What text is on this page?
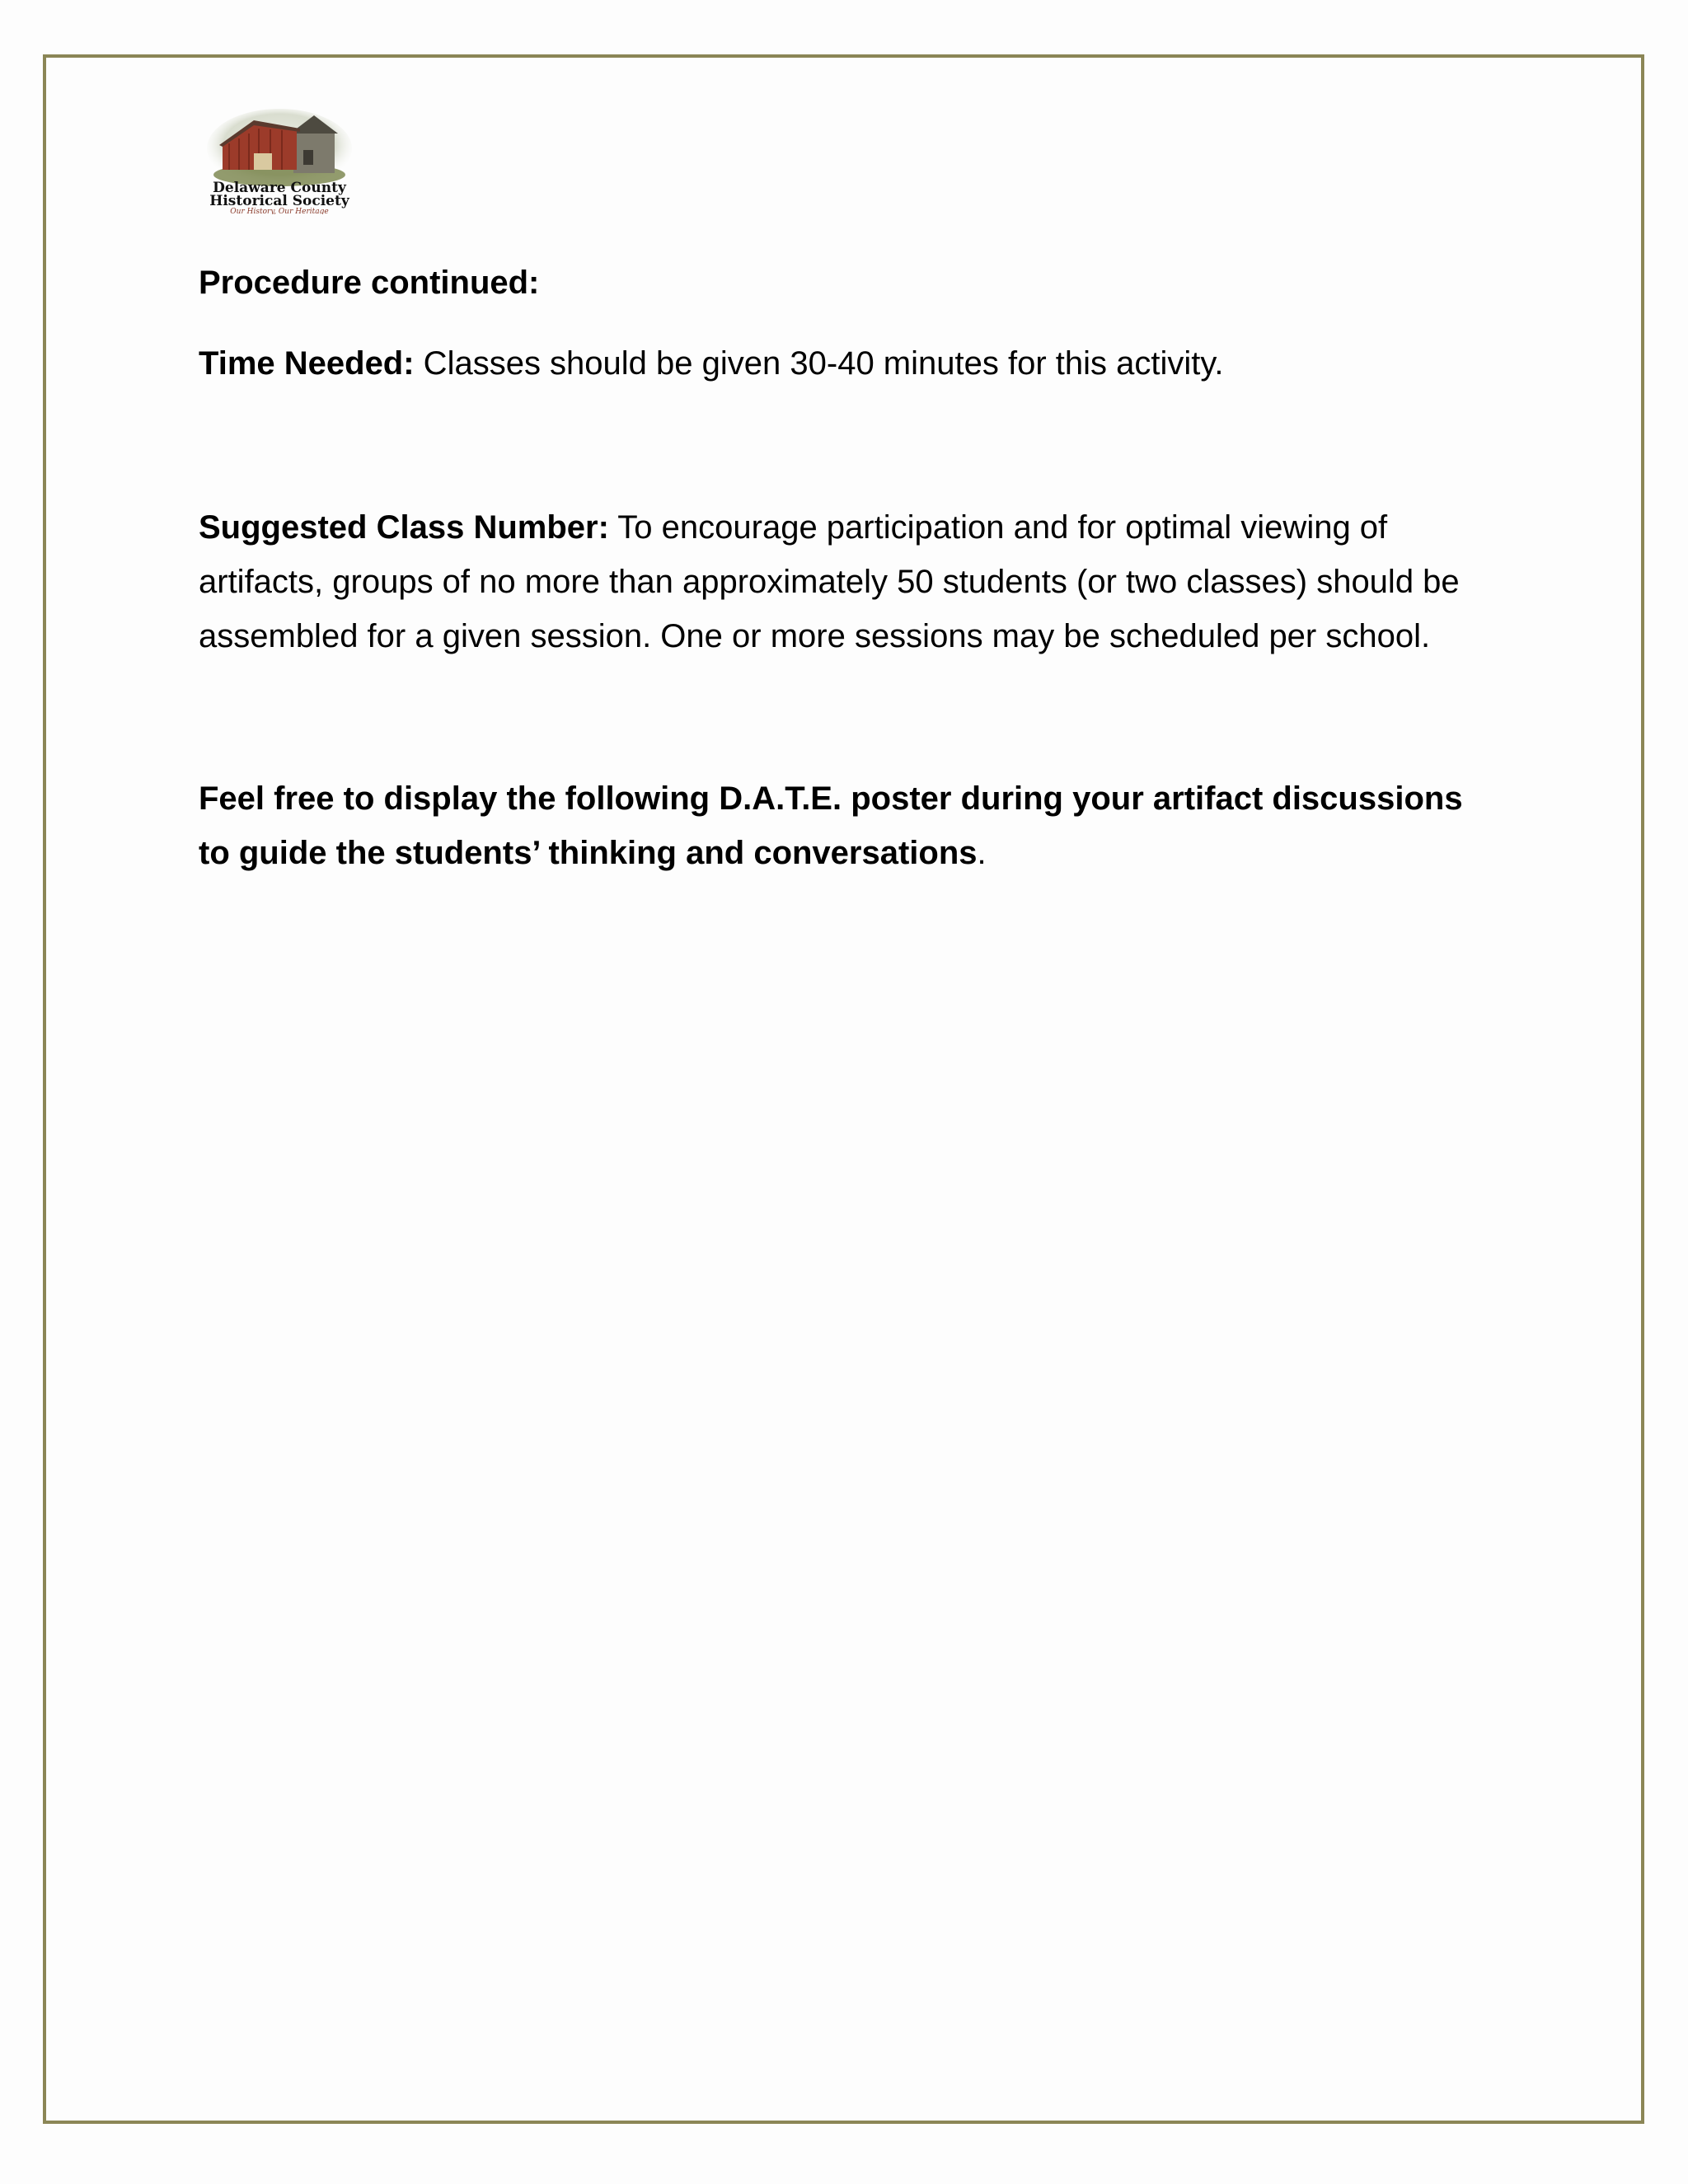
Delaware County
Historical Society
Our History, Our Heritage

Procedure continued:

Time Needed: Classes should be given 30-40 minutes for this activity.

Suggested Class Number: To encourage participation and for optimal viewing of artifacts, groups of no more than approximately 50 students (or two classes) should be assembled for a given session. One or more sessions may be scheduled per school.

Feel free to display the following D.A.T.E. poster during your artifact discussions to guide the students’ thinking and conversations.
